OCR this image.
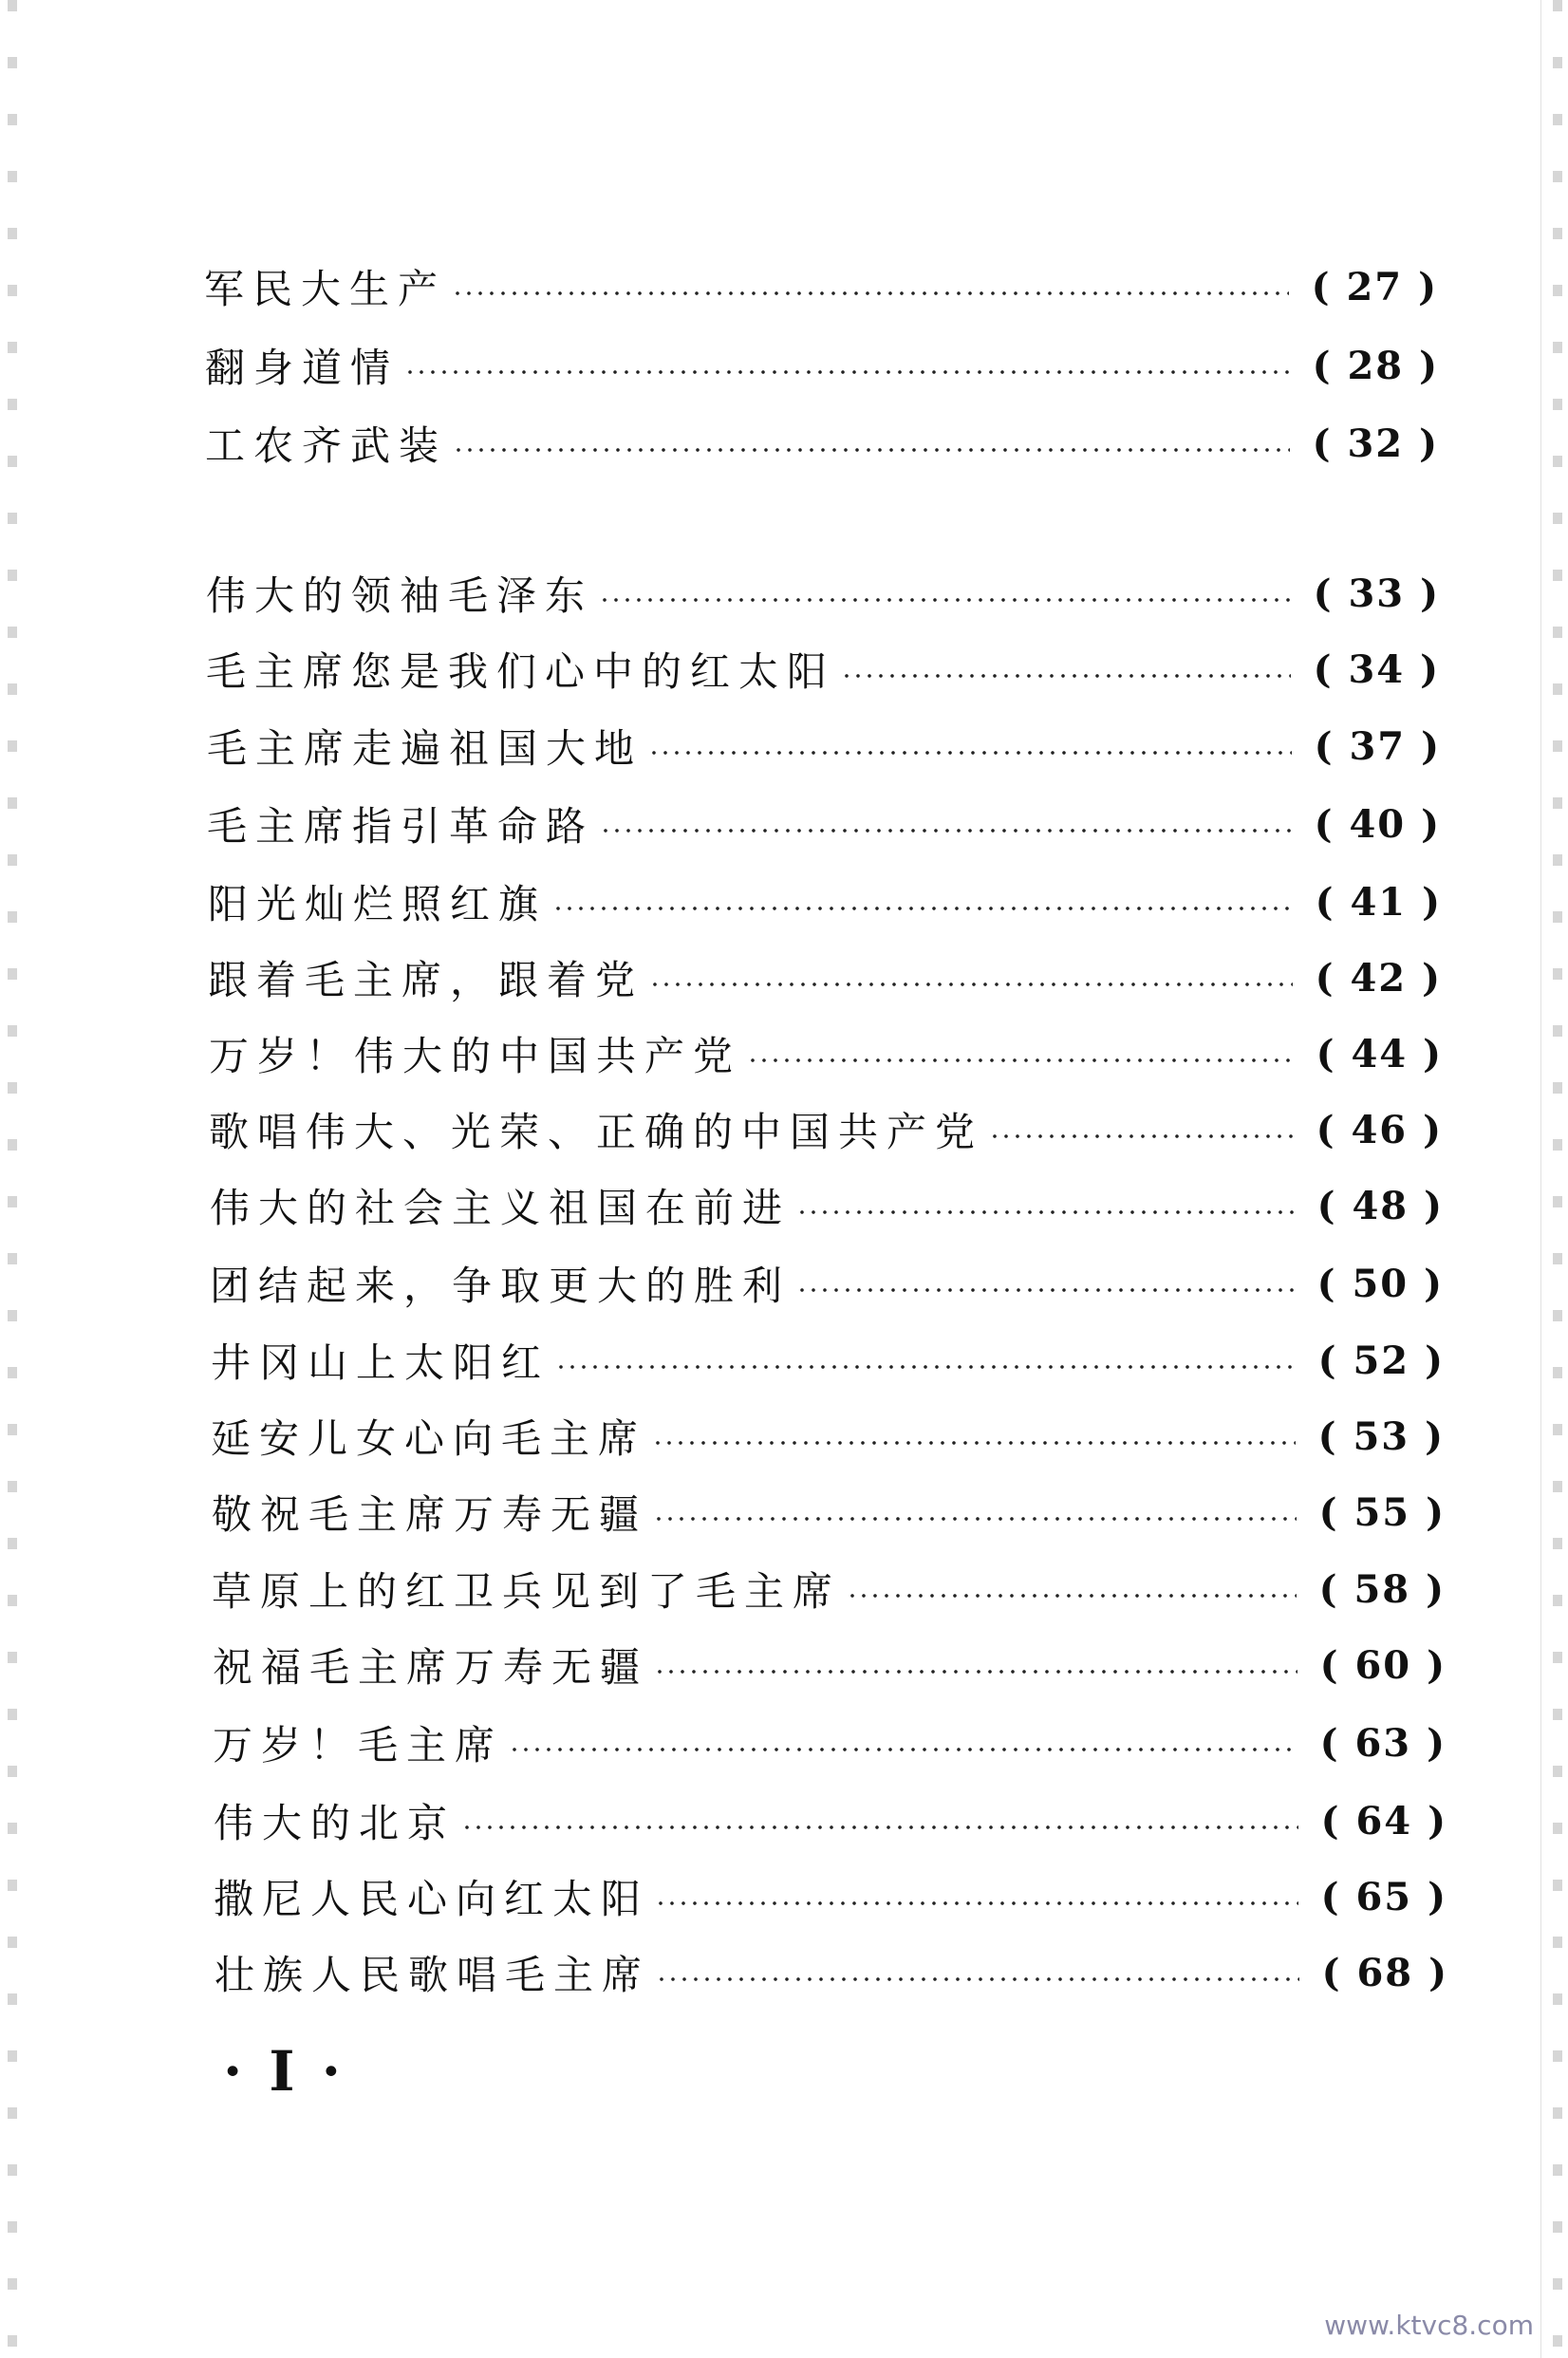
军民大生产	( 27 )
翻身道情	( 28 )
工农齐武装	( 32 )
伟大的领袖毛泽东	( 33 )
毛主席您是我们心中的红太阳	( 34 )
毛主席走遍祖国大地	( 37 )
毛主席指引革命路	( 40 )
阳光灿烂照红旗	( 41 )
跟着毛主席，跟着党	( 42 )
万岁！伟大的中国共产党	( 44 )
歌唱伟大、光荣、正确的中国共产党	( 46 )
伟大的社会主义祖国在前进	( 48 )
团结起来，争取更大的胜利	( 50 )
井冈山上太阳红	( 52 )
延安儿女心向毛主席	( 53 )
敬祝毛主席万寿无疆	( 55 )
草原上的红卫兵见到了毛主席	( 58 )
祝福毛主席万寿无疆	( 60 )
万岁！毛主席	( 63 )
伟大的北京	( 64 )
撒尼人民心向红太阳	( 65 )
壮族人民歌唱毛主席	( 68 )
· I ·
www.ktvc8.com
